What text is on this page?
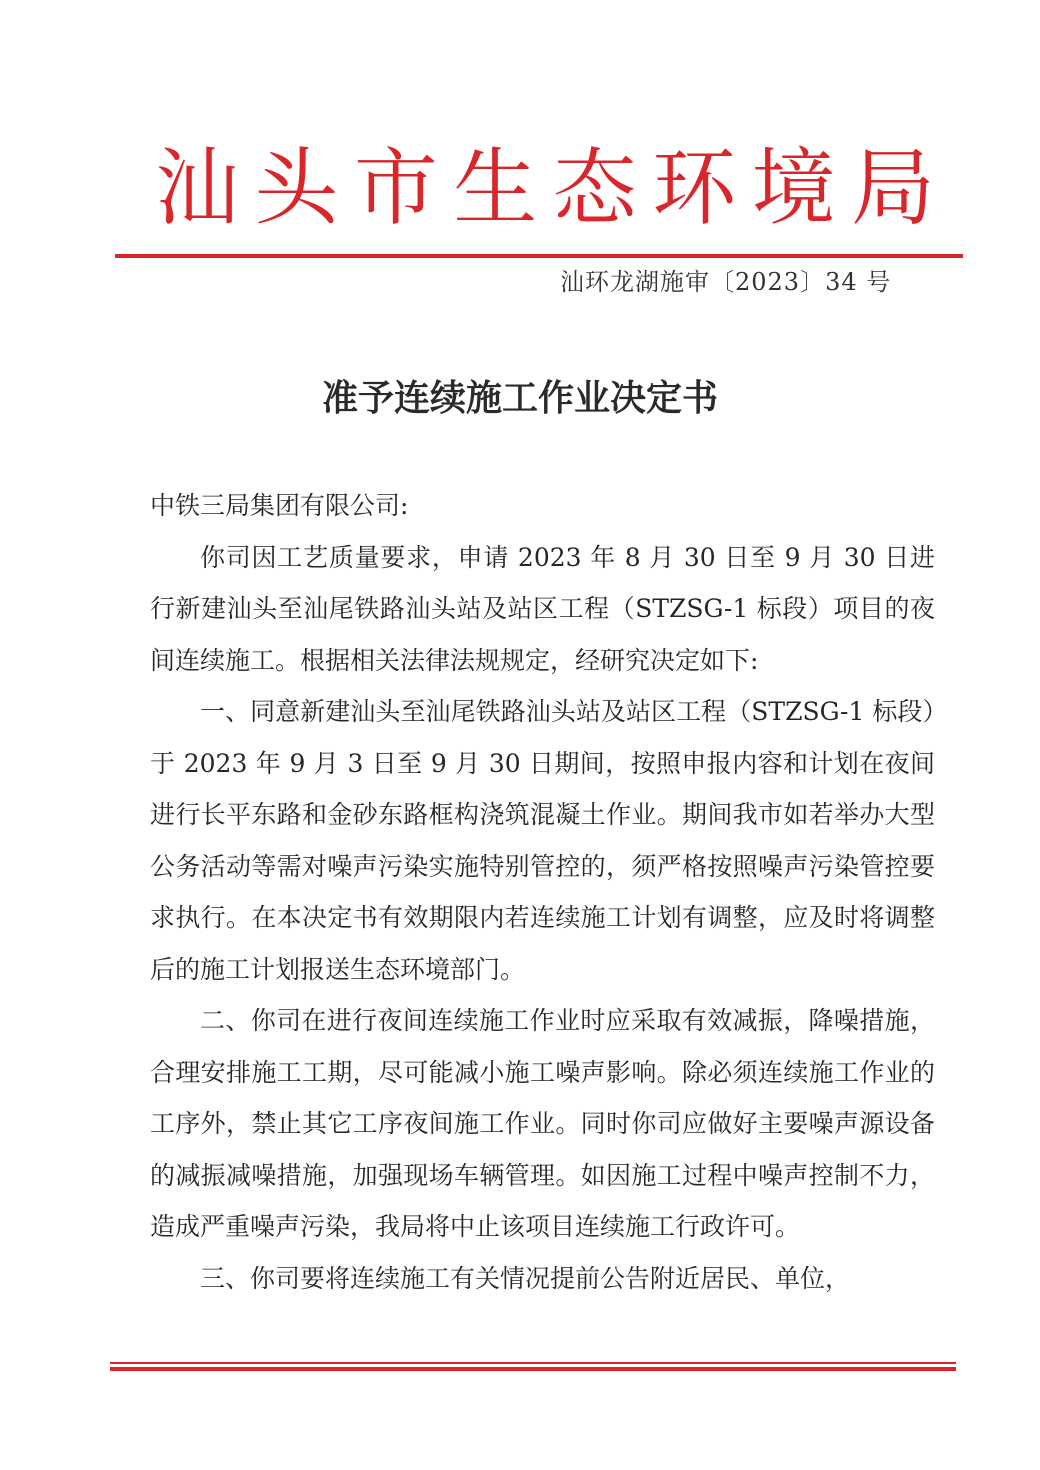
汕 头 市 生 态 环 境 局
汕环龙湖施审〔2023〕34 号
准予连续施工作业决定书

中铁三局集团有限公司:

你司因工艺质量要求，申请 2023 年 8 月 30 日至 9 月 30 日进行新建汕头至汕尾铁路汕头站及站区工程（STZSG-1 标段）项目的夜间连续施工。根据相关法律法规规定，经研究决定如下:

一、同意新建汕头至汕尾铁路汕头站及站区工程（STZSG-1 标段）于 2023 年 9 月 3 日至 9 月 30 日期间，按照申报内容和计划在夜间进行长平东路和金砂东路框构浇筑混凝土作业。期间我市如若举办大型公务活动等需对噪声污染实施特别管控的，须严格按照噪声污染管控要求执行。在本决定书有效期限内若连续施工计划有调整，应及时将调整后的施工计划报送生态环境部门。

二、你司在进行夜间连续施工作业时应采取有效减振，降噪措施，合理安排施工工期，尽可能减小施工噪声影响。除必须连续施工作业的工序外，禁止其它工序夜间施工作业。同时你司应做好主要噪声源设备的减振减噪措施，加强现场车辆管理。如因施工过程中噪声控制不力，造成严重噪声污染，我局将中止该项目连续施工行政许可。

三、你司要将连续施工有关情况提前公告附近居民、单位，
